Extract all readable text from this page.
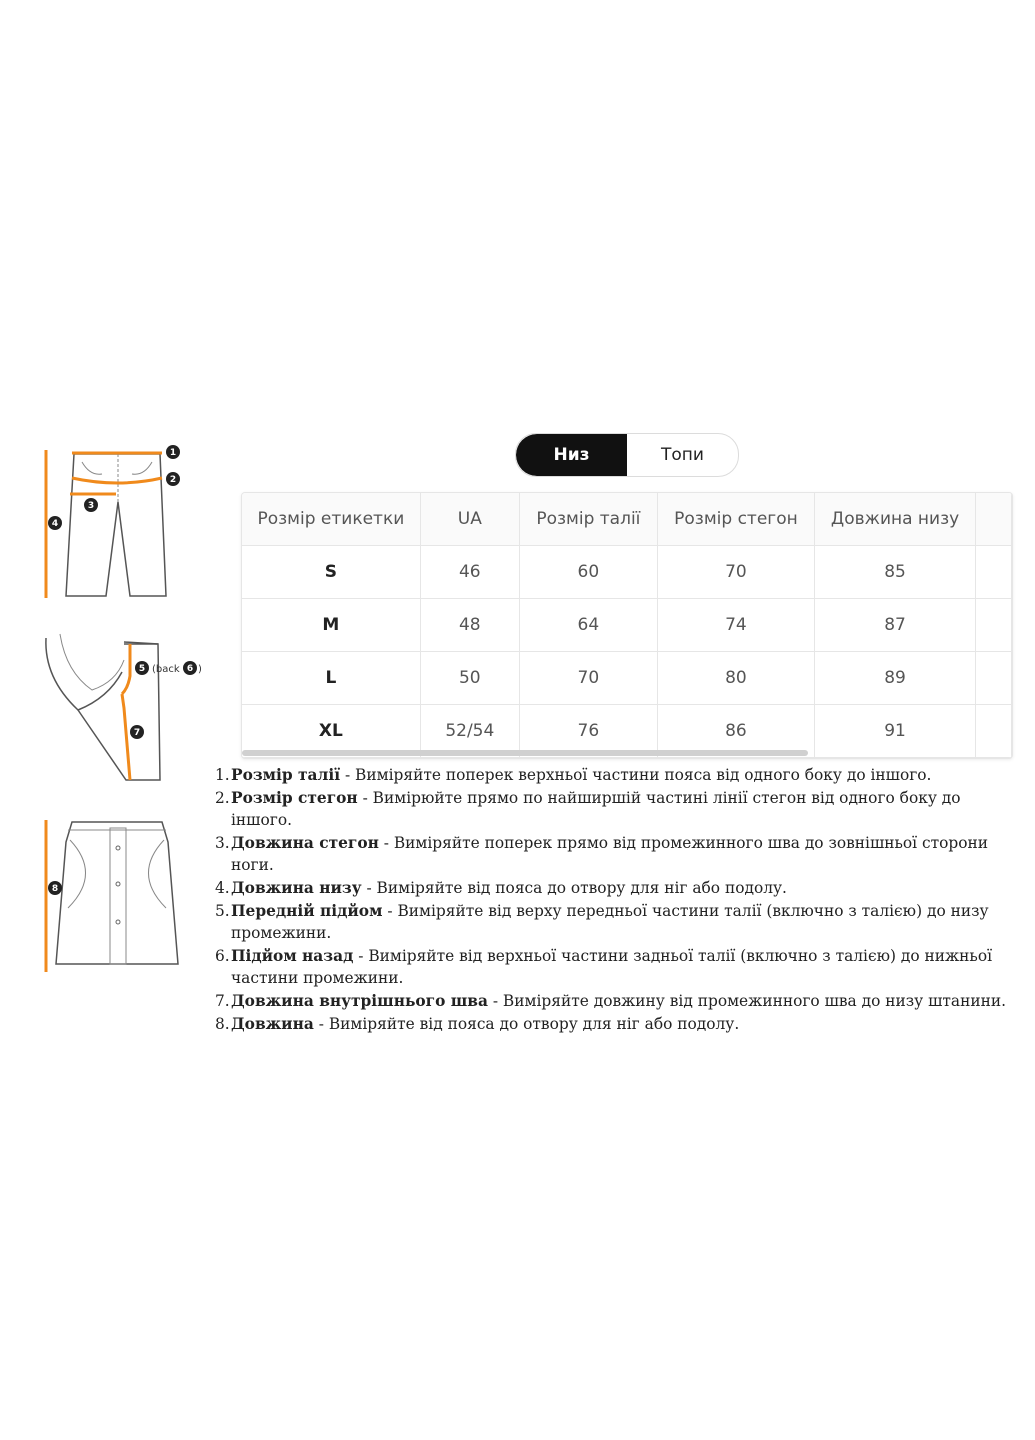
1
2
3
4
5 (back 6 )
7
8
Низ	Топи
Розмір етикетки	UA	Розмір талії	Розмір стегон	Довжина низу	
S	46	60	70	85	
M	48	64	74	87	
L	50	70	80	89	
XL	52/54	76	86	91	
1. Розмір талії - Виміряйте поперек верхньої частини пояса від одного боку до іншого.
2. Розмір стегон - Вимірюйте прямо по найширшій частині лінії стегон від одного боку до іншого.
3. Довжина стегон - Виміряйте поперек прямо від промежинного шва до зовнішньої сторони ноги.
4. Довжина низу - Виміряйте від пояса до отвору для ніг або подолу.
5. Передній підйом - Виміряйте від верху передньої частини талії (включно з талією) до низу промежини.
6. Підйом назад - Виміряйте від верхньої частини задньої талії (включно з талією) до нижньої частини промежини.
7. Довжина внутрішнього шва - Виміряйте довжину від промежинного шва до низу штанини.
8. Довжина - Виміряйте від пояса до отвору для ніг або подолу.
